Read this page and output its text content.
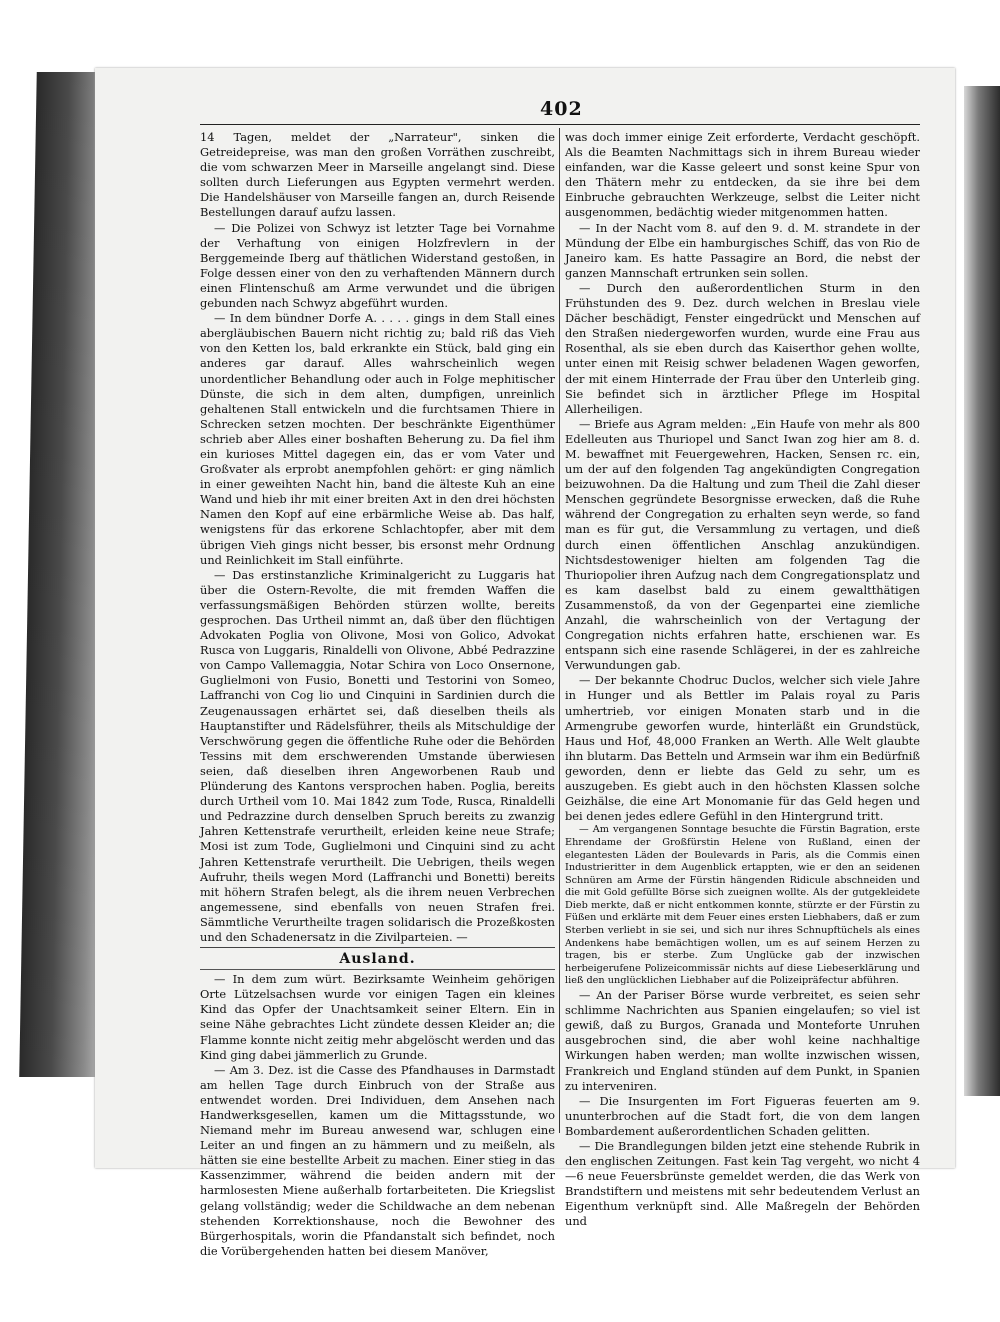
402

14 Tagen, meldet der „Narrateur", sinken die Getreidepreise, was man den großen Vorräthen zuschreibt, die vom schwarzen Meer in Marseille angelangt sind. Diese sollten durch Lieferungen aus Egypten vermehrt werden. Die Handelshäuser von Marseille fangen an, durch Reisende Bestellungen darauf aufzu lassen.

— Die Polizei von Schwyz ist letzter Tage bei Vornahme der Verhaftung von einigen Holzfrevlern in der Berggemeinde Iberg auf thätlichen Widerstand gestoßen, in Folge dessen einer von den zu verhaftenden Männern durch einen Flintenschuß am Arme verwundet und die übrigen gebunden nach Schwyz abgeführt wurden.

— In dem bündner Dorfe A. . . . . gings in dem Stall eines abergläubischen Bauern nicht richtig zu; bald riß das Vieh von den Ketten los, bald erkrankte ein Stück, bald ging ein anderes gar darauf. Alles wahrscheinlich wegen unordentlicher Behandlung oder auch in Folge mephitischer Dünste, die sich in dem alten, dumpfigen, unreinlich gehaltenen Stall entwickeln und die furchtsamen Thiere in Schrecken setzen mochten. Der beschränkte Eigenthümer schrieb aber Alles einer boshaften Beherung zu. Da fiel ihm ein kurioses Mittel dagegen ein, das er vom Vater und Großvater als erprobt anempfohlen gehört: er ging nämlich in einer geweihten Nacht hin, band die älteste Kuh an eine Wand und hieb ihr mit einer breiten Axt in den drei höchsten Namen den Kopf auf eine erbärmliche Weise ab. Das half, wenigstens für das erkorene Schlachtopfer, aber mit dem übrigen Vieh gings nicht besser, bis ersonst mehr Ordnung und Reinlichkeit im Stall einführte.

— Das erstinstanzliche Kriminalgericht zu Luggaris hat über die Ostern-Revolte, die mit fremden Waffen die verfassungsmäßigen Behörden stürzen wollte, bereits gesprochen. Das Urtheil nimmt an, daß über den flüchtigen Advokaten Poglia von Olivone, Mosi von Golico, Advokat Rusca von Luggaris, Rinaldelli von Olivone, Abbé Pedrazzine von Campo Vallemaggia, Notar Schira von Loco Onsernone, Guglielmoni von Fusio, Bonetti und Testorini von Someo, Laffranchi von Cog lio und Cinquini in Sardinien durch die Zeugenaussagen erhärtet sei, daß dieselben theils als Hauptanstifter und Rädelsführer, theils als Mitschuldige der Verschwörung gegen die öffentliche Ruhe oder die Behörden Tessins mit dem erschwerenden Umstande überwiesen seien, daß dieselben ihren Angeworbenen Raub und Plünderung des Kantons versprochen haben. Poglia, bereits durch Urtheil vom 10. Mai 1842 zum Tode, Rusca, Rinaldelli und Pedrazzine durch denselben Spruch bereits zu zwanzig Jahren Kettenstrafe verurtheilt, erleiden keine neue Strafe; Mosi ist zum Tode, Guglielmoni und Cinquini sind zu acht Jahren Kettenstrafe verurtheilt. Die Uebrigen, theils wegen Aufruhr, theils wegen Mord (Laffranchi und Bonetti) bereits mit höhern Strafen belegt, als die ihrem neuen Verbrechen angemessene, sind ebenfalls von neuen Strafen frei. Sämmtliche Verurtheilte tragen solidarisch die Prozeßkosten und den Schadenersatz in die Zivilparteien. —

Ausland.

— In dem zum würt. Bezirksamte Weinheim gehörigen Orte Lützelsachsen wurde vor einigen Tagen ein kleines Kind das Opfer der Unachtsamkeit seiner Eltern. Ein in seine Nähe gebrachtes Licht zündete dessen Kleider an; die Flamme konnte nicht zeitig mehr abgelöscht werden und das Kind ging dabei jämmerlich zu Grunde.

— Am 3. Dez. ist die Casse des Pfandhauses in Darmstadt am hellen Tage durch Einbruch von der Straße aus entwendet worden. Drei Individuen, dem Ansehen nach Handwerksgesellen, kamen um die Mittagsstunde, wo Niemand mehr im Bureau anwesend war, schlugen eine Leiter an und fingen an zu hämmern und zu meißeln, als hätten sie eine bestellte Arbeit zu machen. Einer stieg in das Kassenzimmer, während die beiden andern mit der harmlosesten Miene außerhalb fortarbeiteten. Die Kriegslist gelang vollständig; weder die Schildwache an dem nebenan stehenden Korrektionshause, noch die Bewohner des Bürgerhospitals, worin die Pfandanstalt sich befindet, noch die Vorübergehenden hatten bei diesem Manöver,

was doch immer einige Zeit erforderte, Verdacht geschöpft. Als die Beamten Nachmittags sich in ihrem Bureau wieder einfanden, war die Kasse geleert und sonst keine Spur von den Thätern mehr zu entdecken, da sie ihre bei dem Einbruche gebrauchten Werkzeuge, selbst die Leiter nicht ausgenommen, bedächtig wieder mitgenommen hatten.

— In der Nacht vom 8. auf den 9. d. M. strandete in der Mündung der Elbe ein hamburgisches Schiff, das von Rio de Janeiro kam. Es hatte Passagire an Bord, die nebst der ganzen Mannschaft ertrunken sein sollen.

— Durch den außerordentlichen Sturm in den Frühstunden des 9. Dez. durch welchen in Breslau viele Dächer beschädigt, Fenster eingedrückt und Menschen auf den Straßen niedergeworfen wurden, wurde eine Frau aus Rosenthal, als sie eben durch das Kaiserthor gehen wollte, unter einen mit Reisig schwer beladenen Wagen geworfen, der mit einem Hinterrade der Frau über den Unterleib ging. Sie befindet sich in ärztlicher Pflege im Hospital Allerheiligen.

— Briefe aus Agram melden: „Ein Haufe von mehr als 800 Edelleuten aus Thuriopel und Sanct Iwan zog hier am 8. d. M. bewaffnet mit Feuergewehren, Hacken, Sensen rc. ein, um der auf den folgenden Tag angekündigten Congregation beizuwohnen. Da die Haltung und zum Theil die Zahl dieser Menschen gegründete Besorgnisse erwecken, daß die Ruhe während der Congregation zu erhalten seyn werde, so fand man es für gut, die Versammlung zu vertagen, und dieß durch einen öffentlichen Anschlag anzukündigen. Nichtsdestoweniger hielten am folgenden Tag die Thuriopolier ihren Aufzug nach dem Congregationsplatz und es kam daselbst bald zu einem gewaltthätigen Zusammenstoß, da von der Gegenpartei eine ziemliche Anzahl, die wahrscheinlich von der Vertagung der Congregation nichts erfahren hatte, erschienen war. Es entspann sich eine rasende Schlägerei, in der es zahlreiche Verwundungen gab.

— Der bekannte Chodruc Duclos, welcher sich viele Jahre in Hunger und als Bettler im Palais royal zu Paris umhertrieb, vor einigen Monaten starb und in die Armengrube geworfen wurde, hinterläßt ein Grundstück, Haus und Hof, 48,000 Franken an Werth. Alle Welt glaubte ihn blutarm. Das Betteln und Armsein war ihm ein Bedürfniß geworden, denn er liebte das Geld zu sehr, um es auszugeben. Es giebt auch in den höchsten Klassen solche Geizhälse, die eine Art Monomanie für das Geld hegen und bei denen jedes edlere Gefühl in den Hintergrund tritt.

— Am vergangenen Sonntage besuchte die Fürstin Bagration, erste Ehrendame der Großfürstin Helene von Rußland, einen der elegantesten Läden der Boulevards in Paris, als die Commis einen Industrieritter in dem Augenblick ertappten, wie er den an seidenen Schnüren am Arme der Fürstin hängenden Ridicule abschneiden und die mit Gold gefüllte Börse sich zueignen wollte. Als der gutgekleidete Dieb merkte, daß er nicht entkommen konnte, stürzte er der Fürstin zu Füßen und erklärte mit dem Feuer eines ersten Liebhabers, daß er zum Sterben verliebt in sie sei, und sich nur ihres Schnupftüchels als eines Andenkens habe bemächtigen wollen, um es auf seinem Herzen zu tragen, bis er sterbe. Zum Unglücke gab der inzwischen herbeigerufene Polizeicommissär nichts auf diese Liebeserklärung und ließ den unglücklichen Liebhaber auf die Polizeipräfectur abführen.

— An der Pariser Börse wurde verbreitet, es seien sehr schlimme Nachrichten aus Spanien eingelaufen; so viel ist gewiß, daß zu Burgos, Granada und Monteforte Unruhen ausgebrochen sind, die aber wohl keine nachhaltige Wirkungen haben werden; man wollte inzwischen wissen, Frankreich und England stünden auf dem Punkt, in Spanien zu interveniren.

— Die Insurgenten im Fort Figueras feuerten am 9. ununterbrochen auf die Stadt fort, die von dem langen Bombardement außerordentlichen Schaden gelitten.

— Die Brandlegungen bilden jetzt eine stehende Rubrik in den englischen Zeitungen. Fast kein Tag vergeht, wo nicht 4—6 neue Feuersbrünste gemeldet werden, die das Werk von Brandstiftern und meistens mit sehr bedeutendem Verlust an Eigenthum verknüpft sind. Alle Maßregeln der Behörden und
